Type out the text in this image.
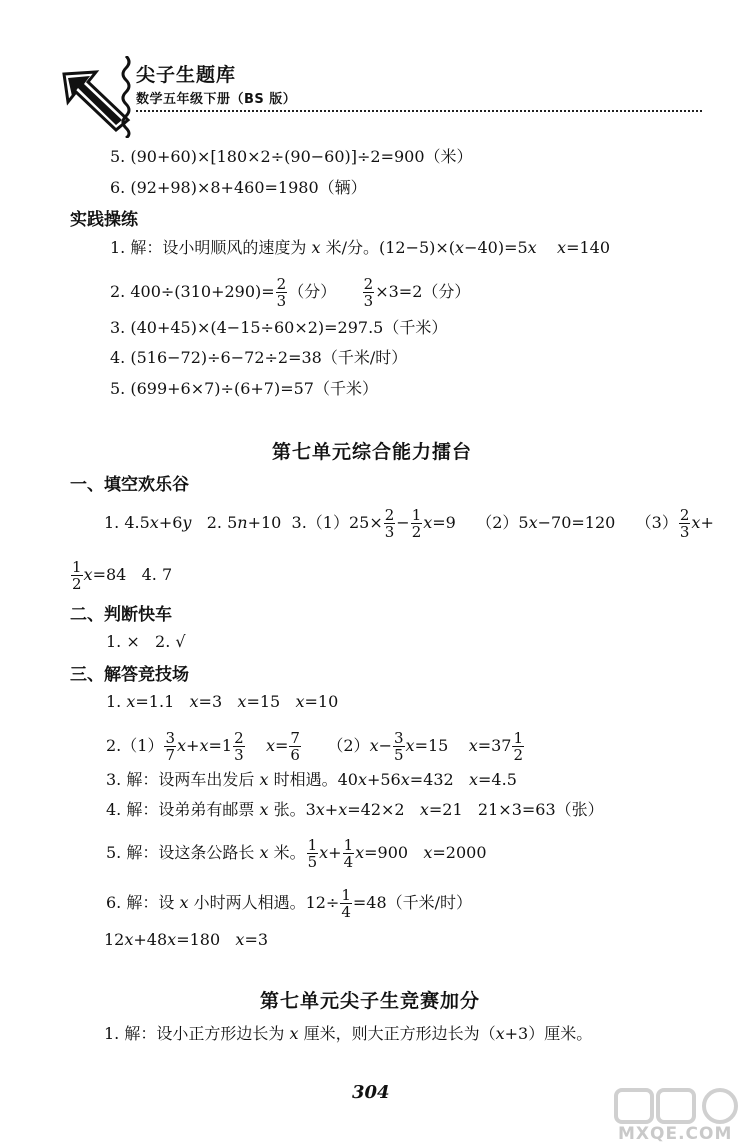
尖子生题库
数学五年级下册（BS 版）
5. (90+60)×[180×2÷(90−60)]÷2=900（米）
6. (92+98)×8+460=1980（辆）
实践操练
1. 解：设小明顺风的速度为 x 米/分。(12−5)×(x−40)=5x x=140
2. $400\div(310+290)= \frac{2}{3}$ （分） $\frac{2}{3} \times 3=2$（分）
3. (40+45)×(4−15÷60×2)=297.5（千米）
4. (516−72)÷6−72÷2=38（千米/时）
5. (699+6×7)÷(6+7)=57（千米）
第七单元综合能力擂台
一、填空欢乐谷
1. 4.5x+6y 2. 5n+10 $3.(1)25\times \frac{2}{3} - \frac{1}{2} x=9$ （2）5x−70=120 $(3) \frac{2}{3} x+$
$\frac{1}{2} x=84$ 4. 7
二、判断快车
1. × 2. √
三、解答竞技场
1. x=1.1 x=3 x=15 x=10
$2.(1) \frac{3}{7} x+x=1 \frac{2}{3} x= \frac{7}{6} (2)x- \frac{3}{5} x=15$ $x=37 \frac{1}{2}$
3. 解：设两车出发后 x 时相遇。40x+56x=432 x=4.5
4. 解：设弟弟有邮票 x 张。3x+x=42×2 x=21 21×3=63（张）
5. 解：设这条公路长 x 米。 $\frac{1}{5} x+ \frac{1}{4} x=900$ x=2000
6. 解：设 x 小时两人相遇。$12\div \frac{1}{4} =48$（千米/时）
12x+48x=180 x=3
第七单元尖子生竞赛加分
1. 解：设小正方形边长为 x 厘米，则大正方形边长为（x+3）厘米。
304
MXQE.COM
